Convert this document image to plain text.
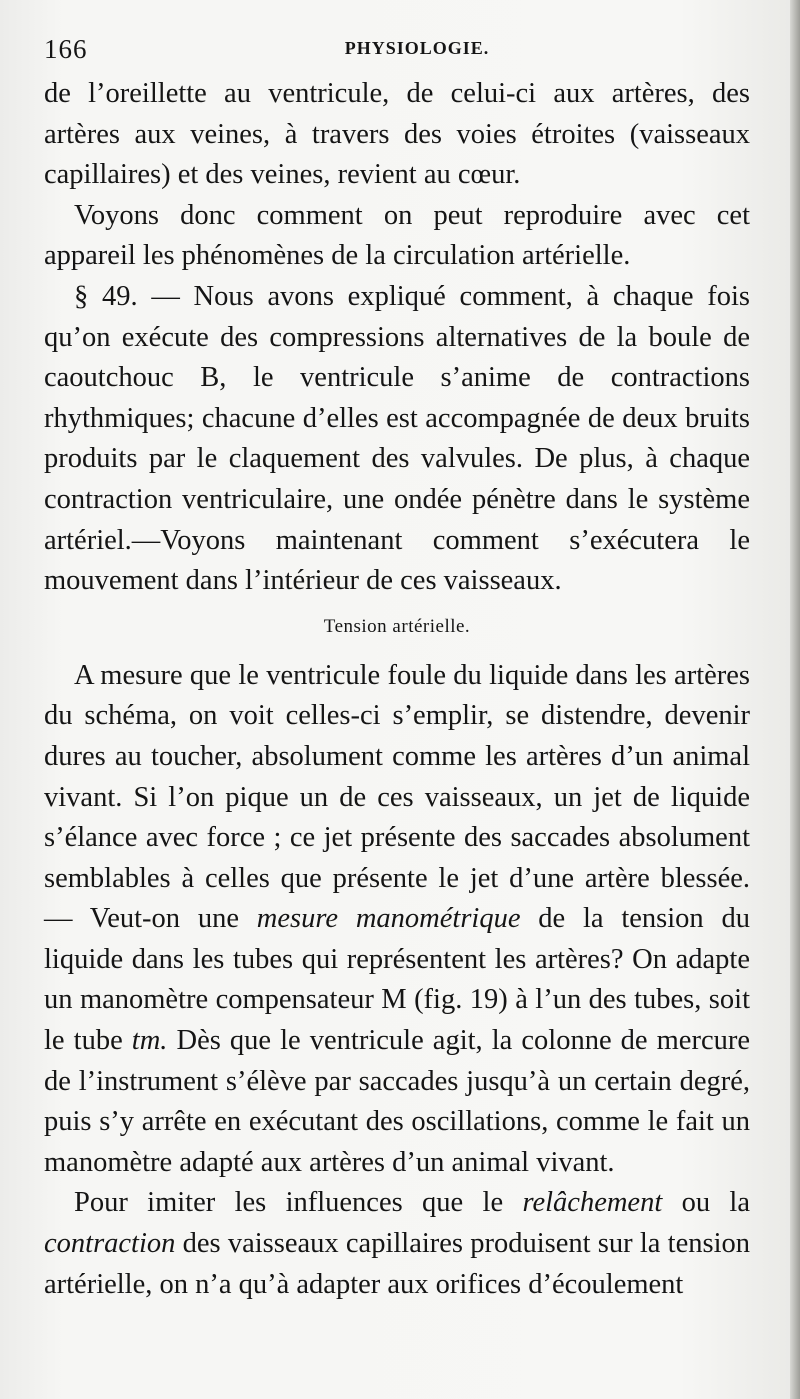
166	PHYSIOLOGIE.

de l’oreillette au ventricule, de celui-ci aux artères, des artères aux veines, à travers des voies étroites (vaisseaux capillaires) et des veines, revient au cœur.

Voyons donc comment on peut reproduire avec cet appareil les phénomènes de la circulation artérielle.

§ 49. — Nous avons expliqué comment, à chaque fois qu’on exécute des compressions alternatives de la boule de caoutchouc B, le ventricule s’anime de contractions rhythmiques; chacune d’elles est accompagnée de deux bruits produits par le claquement des valvules. De plus, à chaque contraction ventriculaire, une ondée pénètre dans le système artériel.—Voyons maintenant comment s’exécutera le mouvement dans l’intérieur de ces vaisseaux.

Tension artérielle.

A mesure que le ventricule foule du liquide dans les artères du schéma, on voit celles-ci s’emplir, se distendre, devenir dures au toucher, absolument comme les artères d’un animal vivant. Si l’on pique un de ces vaisseaux, un jet de liquide s’élance avec force ; ce jet présente des saccades absolument semblables à celles que présente le jet d’une artère blessée. — Veut-on une mesure manométrique de la tension du liquide dans les tubes qui représentent les artères? On adapte un manomètre compensateur M (fig. 19) à l’un des tubes, soit le tube tm. Dès que le ventricule agit, la colonne de mercure de l’instrument s’élève par saccades jusqu’à un certain degré, puis s’y arrête en exécutant des oscillations, comme le fait un manomètre adapté aux artères d’un animal vivant.

Pour imiter les influences que le relâchement ou la contraction des vaisseaux capillaires produisent sur la tension artérielle, on n’a qu’à adapter aux orifices d’écoulement
